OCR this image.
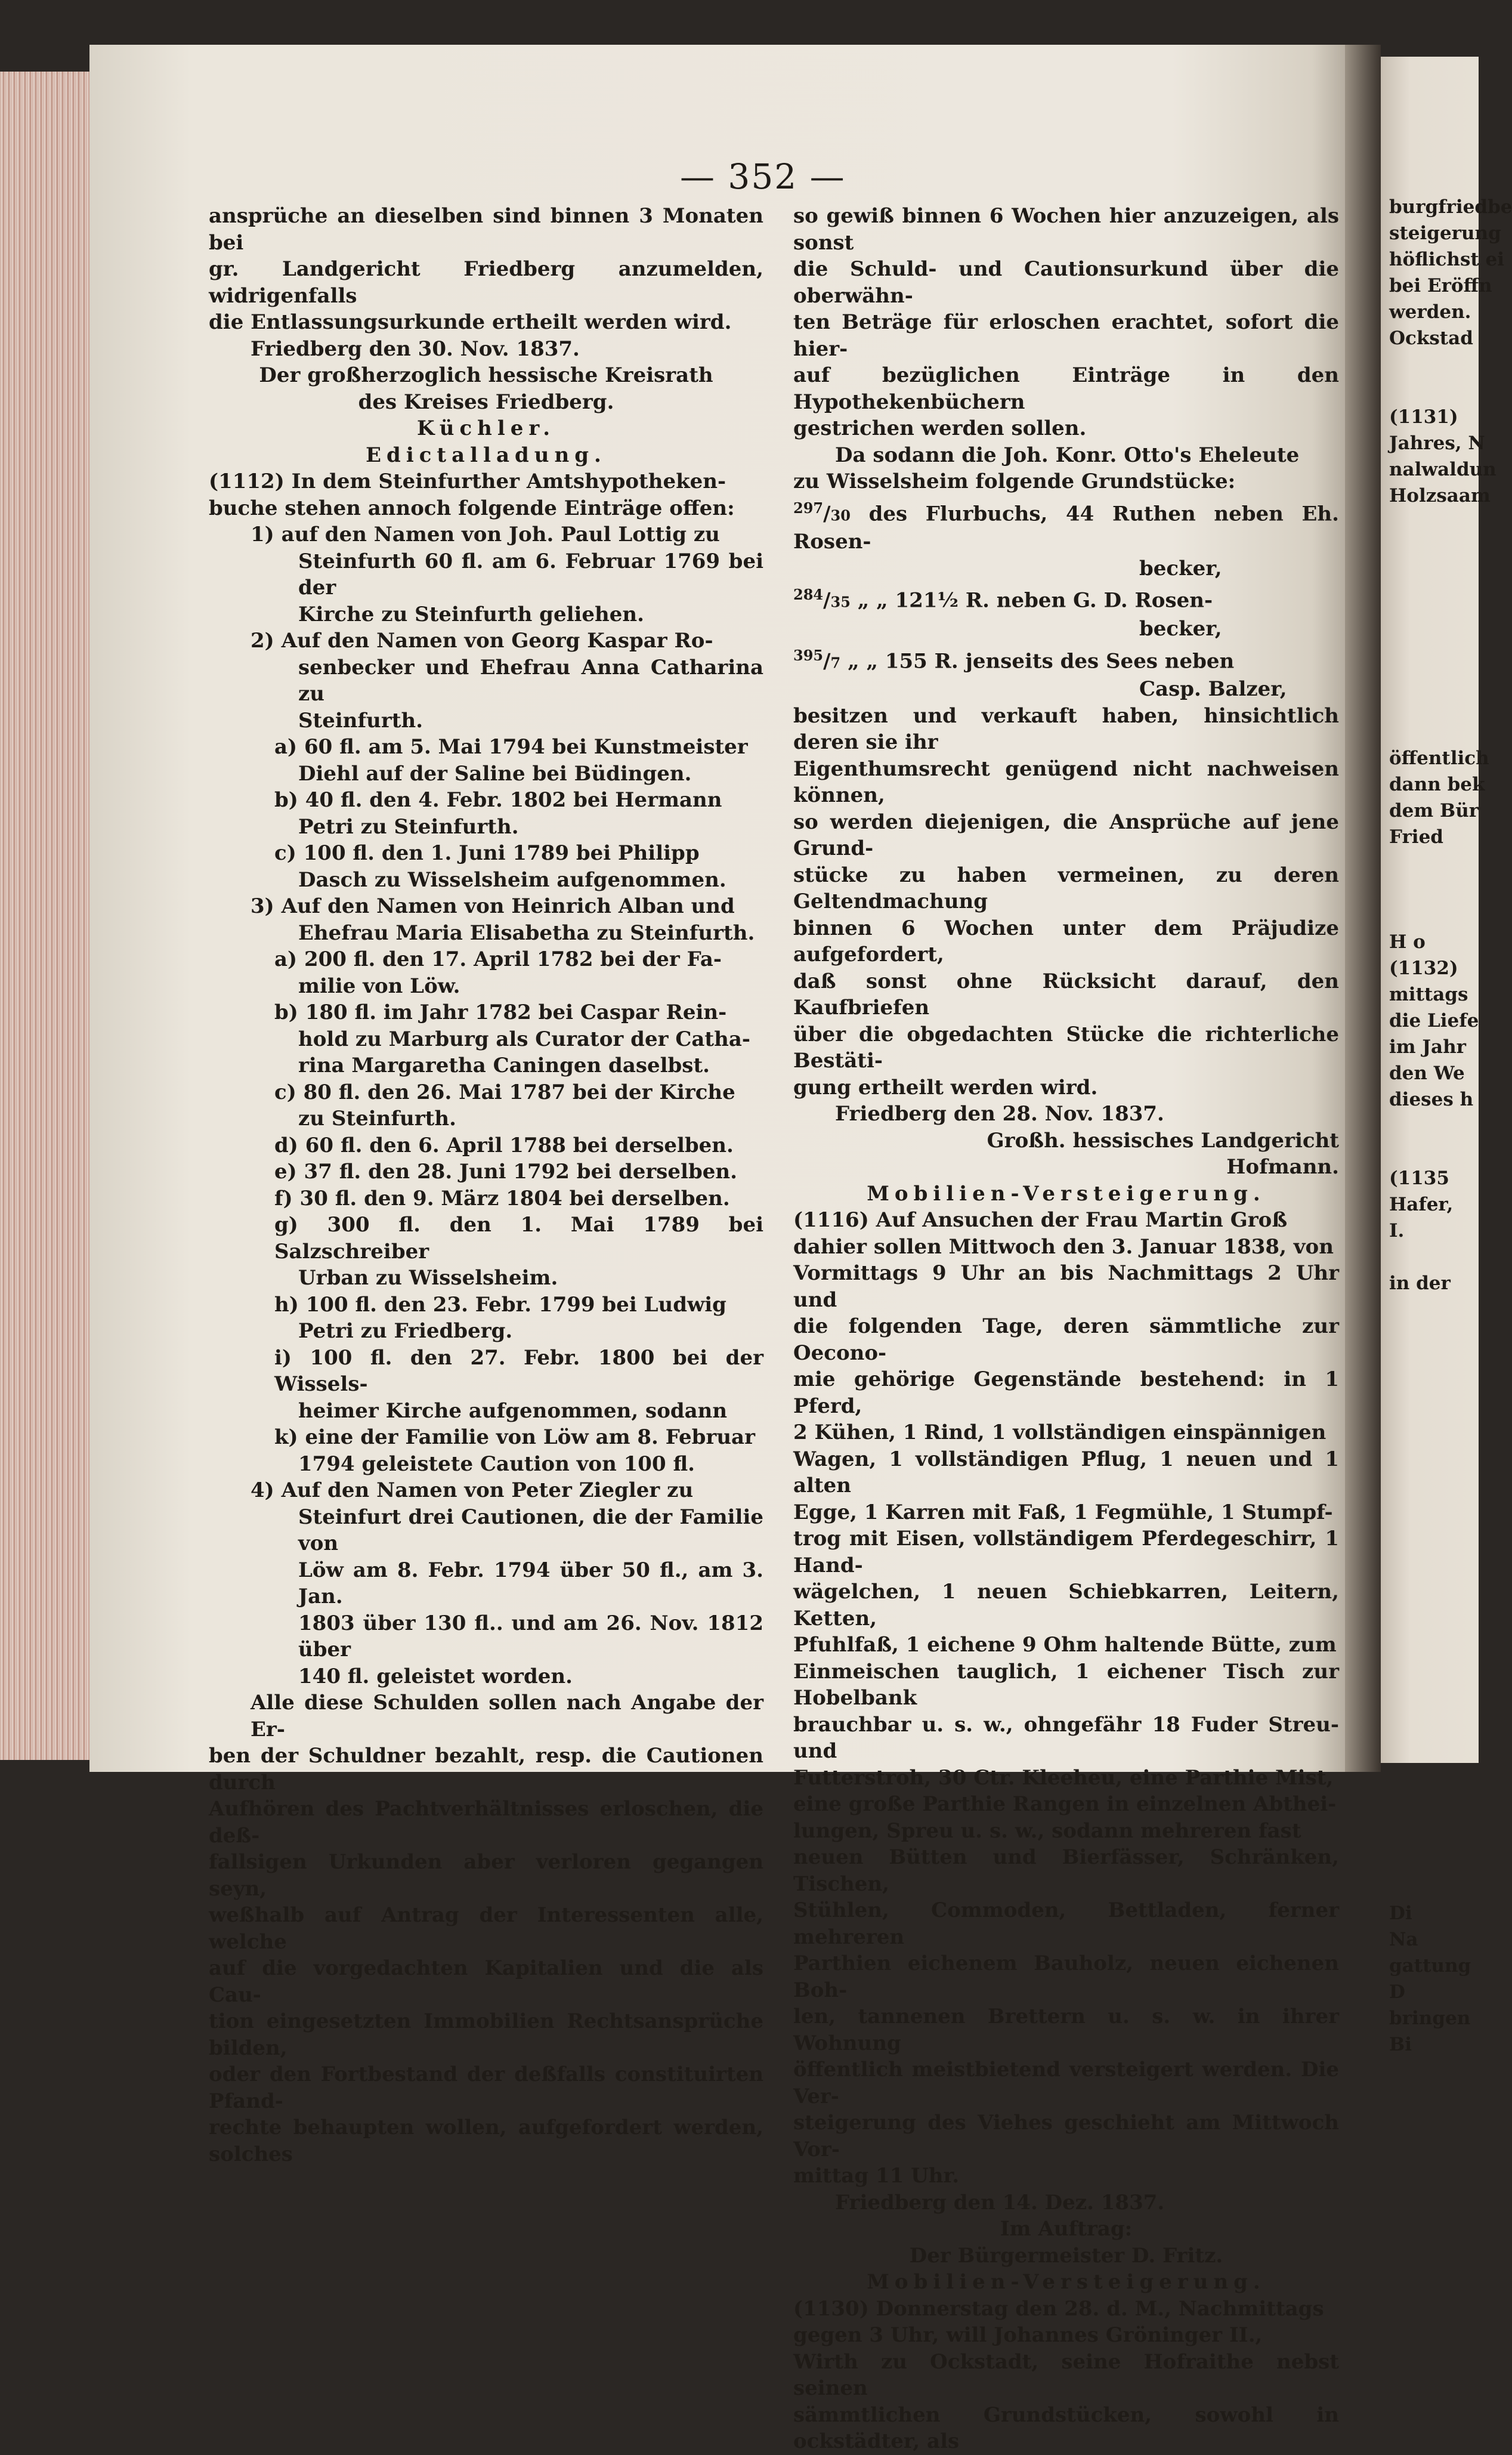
burgfriedbe
steigerung
höflichst ei
bei Eröffn
werden.
Ockstad
(1131)
Jahres, N
nalwaldun
Holzsaam
öffentlich
dann bek
dem Bür
Fried
H o
(1132)
mittags
die Liefe
im Jahr
den We
dieses h
(1135
Hafer,
I.
in der
Di
Na
gattung
D
bringen
Bi
— 352 —

ansprüche an dieselben sind binnen 3 Monaten bei

gr. Landgericht Friedberg anzumelden, widrigenfalls

die Entlassungsurkunde ertheilt werden wird.

Friedberg den 30. Nov. 1837.

Der großherzoglich hessische Kreisrath

des Kreises Friedberg.

Küchler.

Edictalladung.

(1112) In dem Steinfurther Amtshypotheken-

buche stehen annoch folgende Einträge offen:

1) auf den Namen von Joh. Paul Lottig zu

Steinfurth 60 fl. am 6. Februar 1769 bei der

Kirche zu Steinfurth geliehen.

2) Auf den Namen von Georg Kaspar Ro-

senbecker und Ehefrau Anna Catharina zu

Steinfurth.

a) 60 fl. am 5. Mai 1794 bei Kunstmeister

Diehl auf der Saline bei Büdingen.

b) 40 fl. den 4. Febr. 1802 bei Hermann

Petri zu Steinfurth.

c) 100 fl. den 1. Juni 1789 bei Philipp

Dasch zu Wisselsheim aufgenommen.

3) Auf den Namen von Heinrich Alban und

Ehefrau Maria Elisabetha zu Steinfurth.

a) 200 fl. den 17. April 1782 bei der Fa-

milie von Löw.

b) 180 fl. im Jahr 1782 bei Caspar Rein-

hold zu Marburg als Curator der Catha-

rina Margaretha Caningen daselbst.

c) 80 fl. den 26. Mai 1787 bei der Kirche

zu Steinfurth.

d) 60 fl. den 6. April 1788 bei derselben.

e) 37 fl. den 28. Juni 1792 bei derselben.

f) 30 fl. den 9. März 1804 bei derselben.

g) 300 fl. den 1. Mai 1789 bei Salzschreiber

Urban zu Wisselsheim.

h) 100 fl. den 23. Febr. 1799 bei Ludwig

Petri zu Friedberg.

i) 100 fl. den 27. Febr. 1800 bei der Wissels-

heimer Kirche aufgenommen, sodann

k) eine der Familie von Löw am 8. Februar

1794 geleistete Caution von 100 fl.

4) Auf den Namen von Peter Ziegler zu

Steinfurt drei Cautionen, die der Familie von

Löw am 8. Febr. 1794 über 50 fl., am 3. Jan.

1803 über 130 fl.. und am 26. Nov. 1812 über

140 fl. geleistet worden.

Alle diese Schulden sollen nach Angabe der Er-

ben der Schuldner bezahlt, resp. die Cautionen durch

Aufhören des Pachtverhältnisses erloschen, die deß-

fallsigen Urkunden aber verloren gegangen seyn,

weßhalb auf Antrag der Interessenten alle, welche

auf die vorgedachten Kapitalien und die als Cau-

tion eingesetzten Immobilien Rechtsansprüche bilden,

oder den Fortbestand der deßfalls constituirten Pfand-

rechte behaupten wollen, aufgefordert werden, solches

so gewiß binnen 6 Wochen hier anzuzeigen, als sonst

die Schuld- und Cautionsurkund über die oberwähn-

ten Beträge für erloschen erachtet, sofort die hier-

auf bezüglichen Einträge in den Hypothekenbüchern

gestrichen werden sollen.

Da sodann die Joh. Konr. Otto's Eheleute

zu Wisselsheim folgende Grundstücke:

$^{297}$/30 des Flurbuchs, 44 Ruthen neben Eh. Rosen-

becker,

$^{284}$/35 „ „ 121½ R. neben G. D. Rosen-

becker,

$^{395}$/7 „ „ 155 R. jenseits des Sees neben

Casp. Balzer,

besitzen und verkauft haben, hinsichtlich deren sie ihr

Eigenthumsrecht genügend nicht nachweisen können,

so werden diejenigen, die Ansprüche auf jene Grund-

stücke zu haben vermeinen, zu deren Geltendmachung

binnen 6 Wochen unter dem Präjudize aufgefordert,

daß sonst ohne Rücksicht darauf, den Kaufbriefen

über die obgedachten Stücke die richterliche Bestäti-

gung ertheilt werden wird.

Friedberg den 28. Nov. 1837.

Großh. hessisches Landgericht

Hofmann.

Mobilien-Versteigerung.

(1116) Auf Ansuchen der Frau Martin Groß

dahier sollen Mittwoch den 3. Januar 1838, von

Vormittags 9 Uhr an bis Nachmittags 2 Uhr und

die folgenden Tage, deren sämmtliche zur Oecono-

mie gehörige Gegenstände bestehend: in 1 Pferd,

2 Kühen, 1 Rind, 1 vollständigen einspännigen

Wagen, 1 vollständigen Pflug, 1 neuen und 1 alten

Egge, 1 Karren mit Faß, 1 Fegmühle, 1 Stumpf-

trog mit Eisen, vollständigem Pferdegeschirr, 1 Hand-

wägelchen, 1 neuen Schiebkarren, Leitern, Ketten,

Pfuhlfaß, 1 eichene 9 Ohm haltende Bütte, zum

Einmeischen tauglich, 1 eichener Tisch zur Hobelbank

brauchbar u. s. w., ohngefähr 18 Fuder Streu- und

Futterstroh, 30 Ctr. Kleeheu, eine Parthie Mist,

eine große Parthie Rangen in einzelnen Abthei-

lungen, Spreu u. s. w., sodann mehreren fast

neuen Bütten und Bierfässer, Schränken, Tischen,

Stühlen, Commoden, Bettladen, ferner mehreren

Parthien eichenem Bauholz, neuen eichenen Boh-

len, tannenen Brettern u. s. w. in ihrer Wohnung

öffentlich meistbietend versteigert werden. Die Ver-

steigerung des Viehes geschieht am Mittwoch Vor-

mittag 11 Uhr.

Friedberg den 14. Dez. 1837.

Im Auftrag:

Der Bürgermeister D. Fritz.

Mobilien-Versteigerung.

(1130) Donnerstag den 28. d. M., Nachmittags

gegen 3 Uhr, will Johannes Gröninger II.,

Wirth zu Ockstadt, seine Hofraithe nebst seinen

sämmtlichen Grundstücken, sowohl in ockstädter, als
